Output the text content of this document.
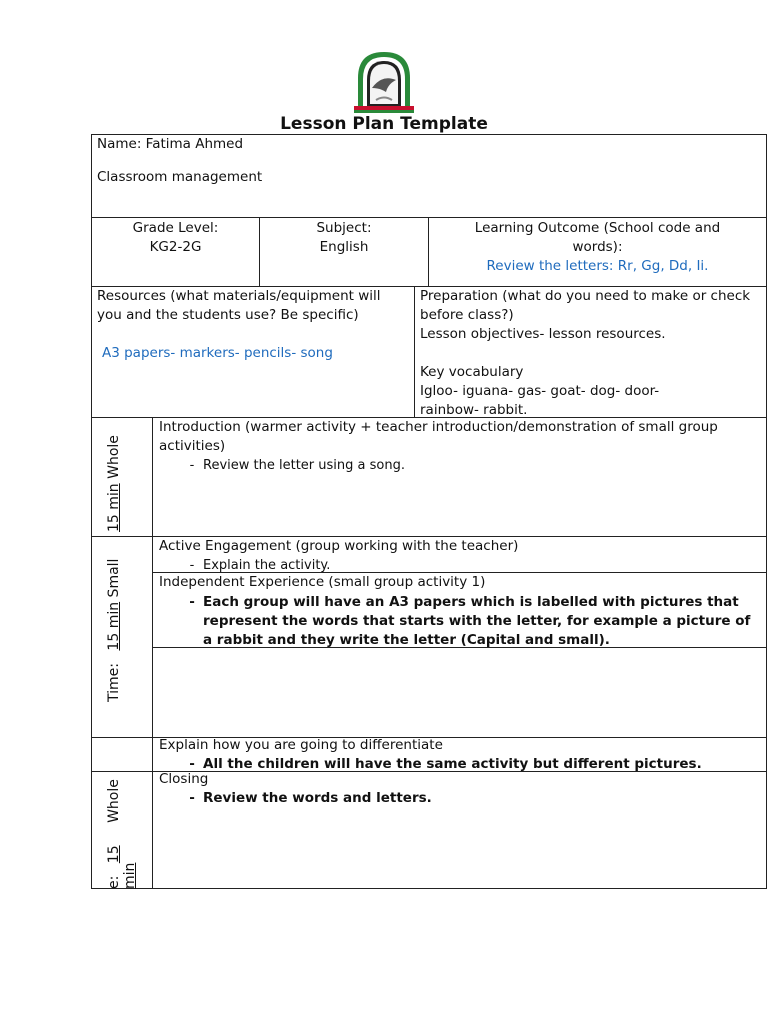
Lesson Plan Template
Name: Fatima Ahmed
Classroom management
Grade Level:
KG2-2G
Subject:
English
Learning Outcome (School code and words):
Review the letters: Rr, Gg, Dd, Ii.
Resources (what materials/equipment will you and the students use? Be specific)
A3 papers- markers- pencils- song
Preparation (what do you need to make or check before class?)
Lesson objectives- lesson resources.
Key vocabulary
Igloo- iguana- gas- goat- dog- door- rainbow- rabbit.
15 min Whole
Time: 15 min Small
e: 15 Whole
min
Introduction (warmer activity + teacher introduction/demonstration of small group activities)
- Review the letter using a song.
Active Engagement (group working with the teacher)
- Explain the activity.
Independent Experience (small group activity 1)
- Each group will have an A3 papers which is labelled with pictures that represent the words that starts with the letter, for example a picture of a rabbit and they write the letter (Capital and small).
Explain how you are going to differentiate
- All the children will have the same activity but different pictures.
Closing
- Review the words and letters.
